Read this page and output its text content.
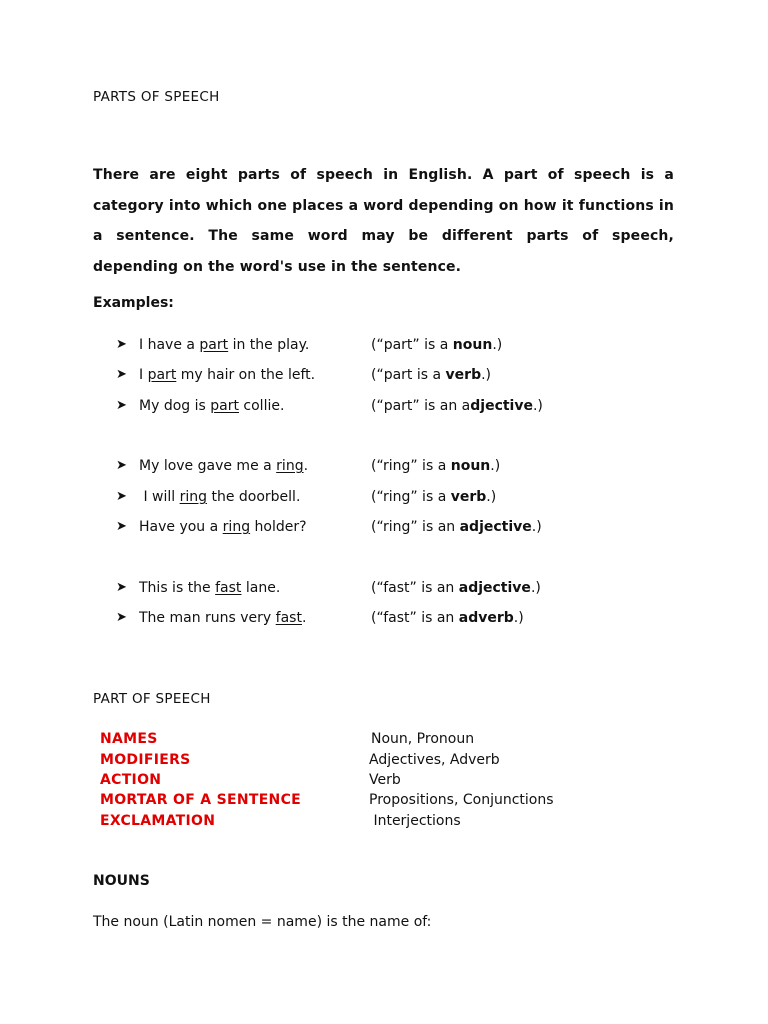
PARTS OF SPEECH
There are eight parts of speech in English. A part of speech is a category into which one places a word depending on how it functions in a sentence. The same word may be different parts of speech, depending on the word's use in the sentence.
Examples:
➤ I have a part in the play.	(“part” is a noun.)
➤ I part my hair on the left.	(“part is a verb.)
➤ My dog is part collie.	(“part” is an adjective.)
➤ My love gave me a ring.	(“ring” is a noun.)
➤ I will ring the doorbell.	(“ring” is a verb.)
➤ Have you a ring holder?	(“ring” is an adjective.)
➤ This is the fast lane.	(“fast” is an adjective.)
➤ The man runs very fast.	(“fast” is an adverb.)
PART OF SPEECH
NAMES	Noun, Pronoun
MODIFIERS	Adjectives, Adverb
ACTION	Verb
MORTAR OF A SENTENCE	Propositions, Conjunctions
EXCLAMATION	Interjections
NOUNS
The noun (Latin nomen = name) is the name of:
